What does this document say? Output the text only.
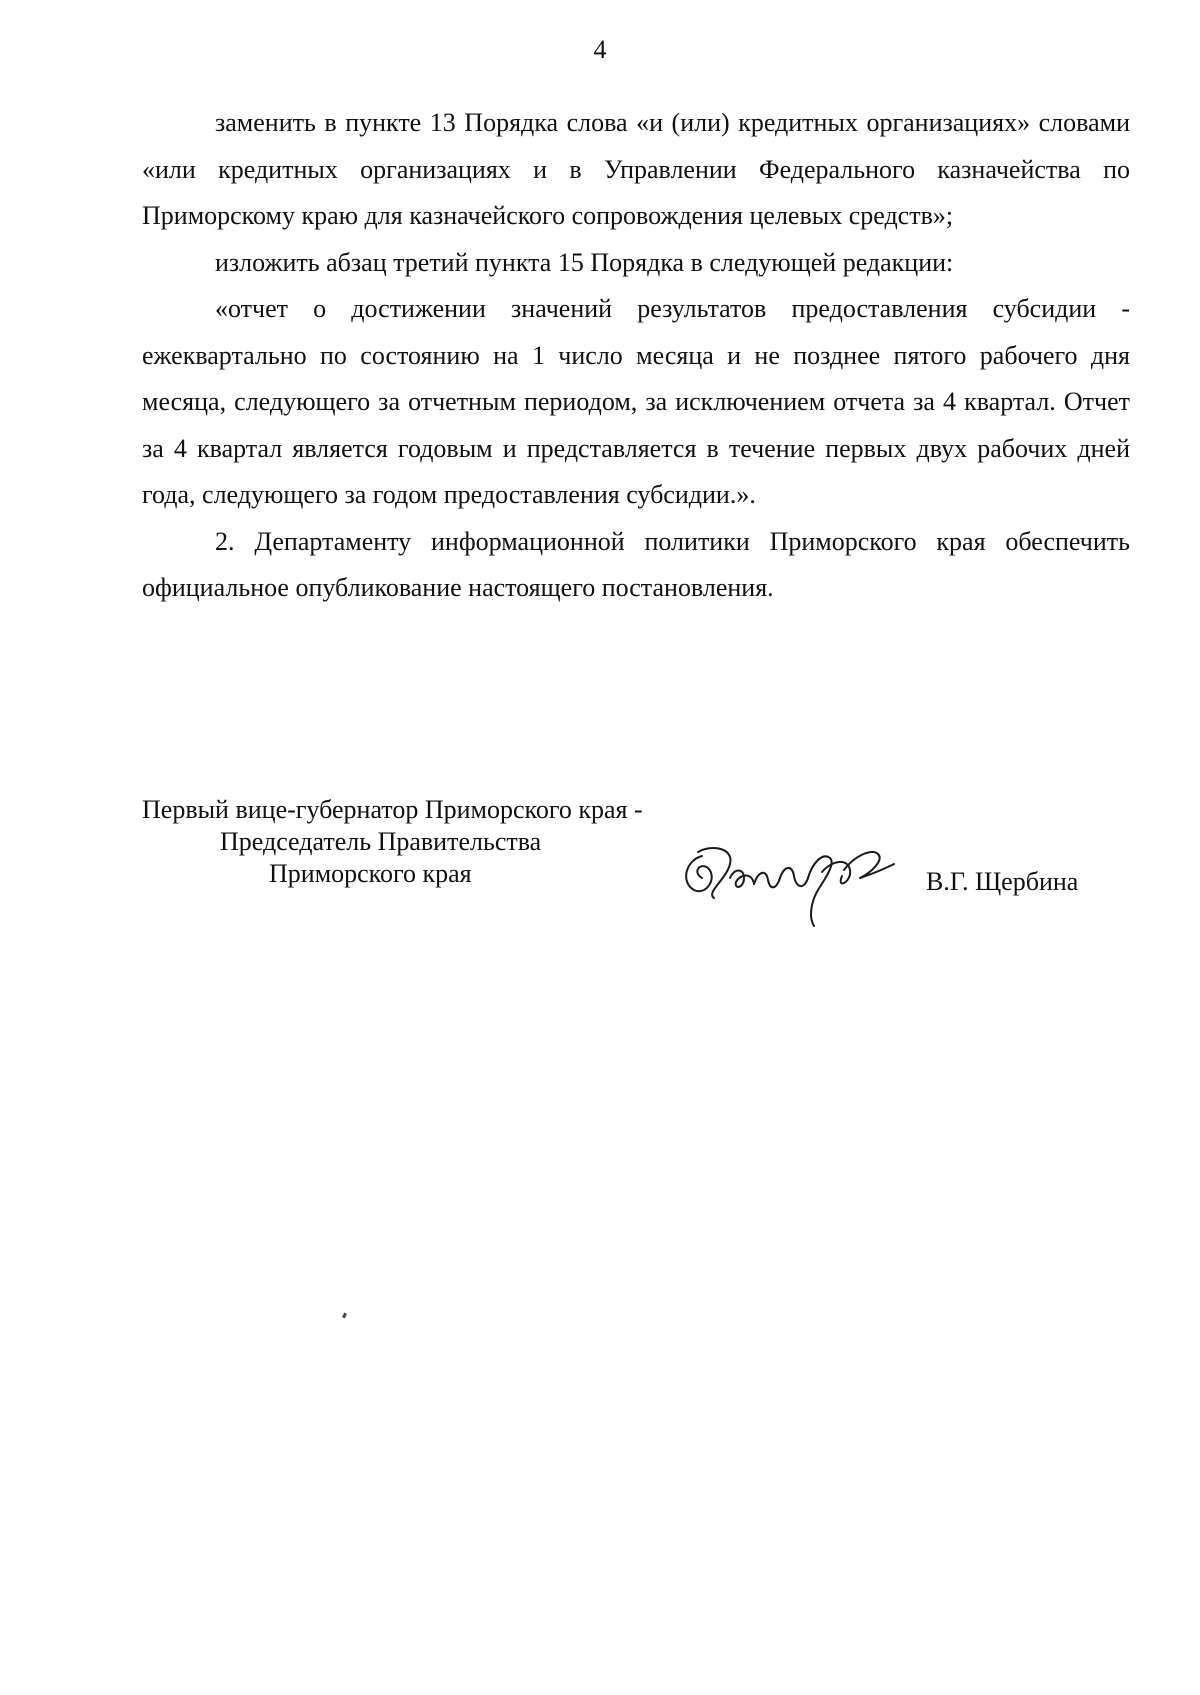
4

заменить в пункте 13 Порядка слова «и (или) кредитных организациях» словами «или кредитных организациях и в Управлении Федерального казначейства по Приморскому краю для казначейского сопровождения целевых средств»;

изложить абзац третий пункта 15 Порядка в следующей редакции:

«отчет о достижении значений результатов предоставления субсидии - ежеквартально по состоянию на 1 число месяца и не позднее пятого рабочего дня месяца, следующего за отчетным периодом, за исключением отчета за 4 квартал. Отчет за 4 квартал является годовым и представляется в течение первых двух рабочих дней года, следующего за годом предоставления субсидии.».

2. Департаменту информационной политики Приморского края обеспечить официальное опубликование настоящего постановления.

Первый вице-губернатор Приморского края -
Председатель Правительства
Приморского края	В.Г. Щербина
